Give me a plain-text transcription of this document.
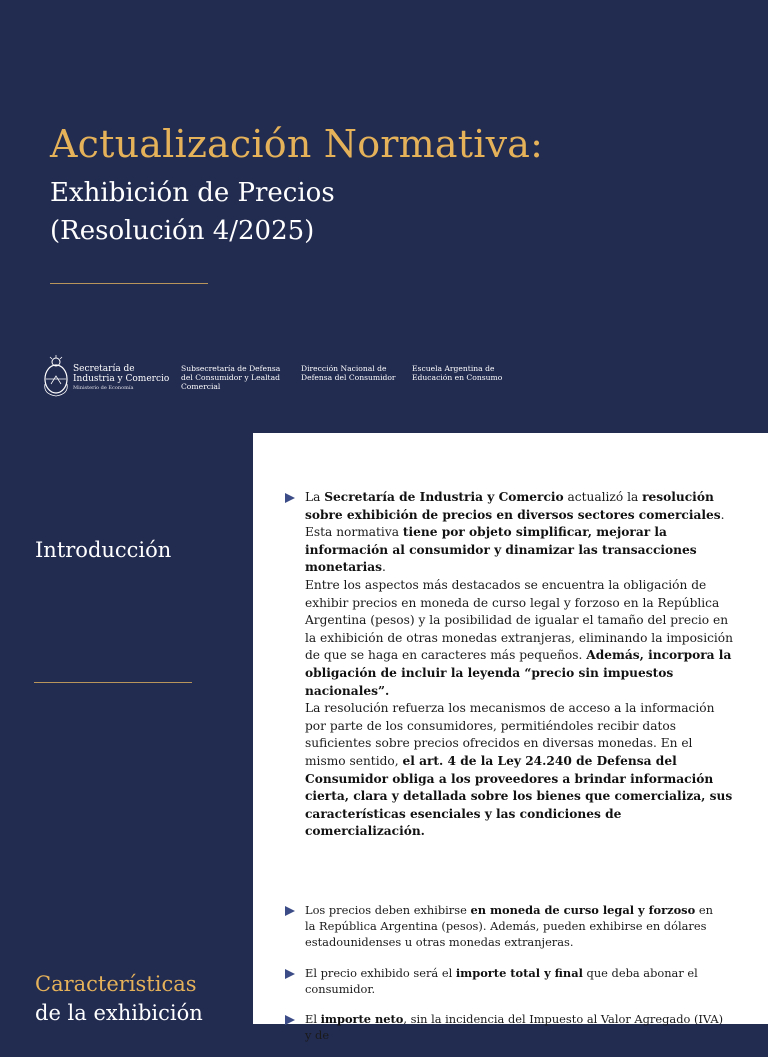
Actualización Normativa:
Exhibición de Precios
(Resolución 4/2025)
Secretaría de
Industria y Comercio
Ministerio de Economía
Subsecretaría de Defensa
del Consumidor y Lealtad
Comercial
Dirección Nacional de
Defensa del Consumidor
Escuela Argentina de
Educación en Consumo
Introducción
La Secretaría de Industria y Comercio actualizó la resolución sobre exhibición de precios en diversos sectores comerciales.
Esta normativa tiene por objeto simplificar, mejorar la información al consumidor y dinamizar las transacciones monetarias.
Entre los aspectos más destacados se encuentra la obligación de exhibir precios en moneda de curso legal y forzoso en la República Argentina (pesos) y la posibilidad de igualar el tamaño del precio en la exhibición de otras monedas extranjeras, eliminando la imposición de que se haga en caracteres más pequeños. Además, incorpora la obligación de incluir la leyenda “precio sin impuestos nacionales”.
La resolución refuerza los mecanismos de acceso a la información por parte de los consumidores, permitiéndoles recibir datos suficientes sobre precios ofrecidos en diversas monedas. En el mismo sentido, el art. 4 de la Ley 24.240 de Defensa del Consumidor obliga a los proveedores a brindar información cierta, clara y detallada sobre los bienes que comercializa, sus características esenciales y las condiciones de comercialización.
Características
de la exhibición
Los precios deben exhibirse en moneda de curso legal y forzoso en la República Argentina (pesos). Además, pueden exhibirse en dólares estadounidenses u otras monedas extranjeras.
El precio exhibido será el importe total y final que deba abonar el consumidor.
El importe neto, sin la incidencia del Impuesto al Valor Agregado (IVA) y de
